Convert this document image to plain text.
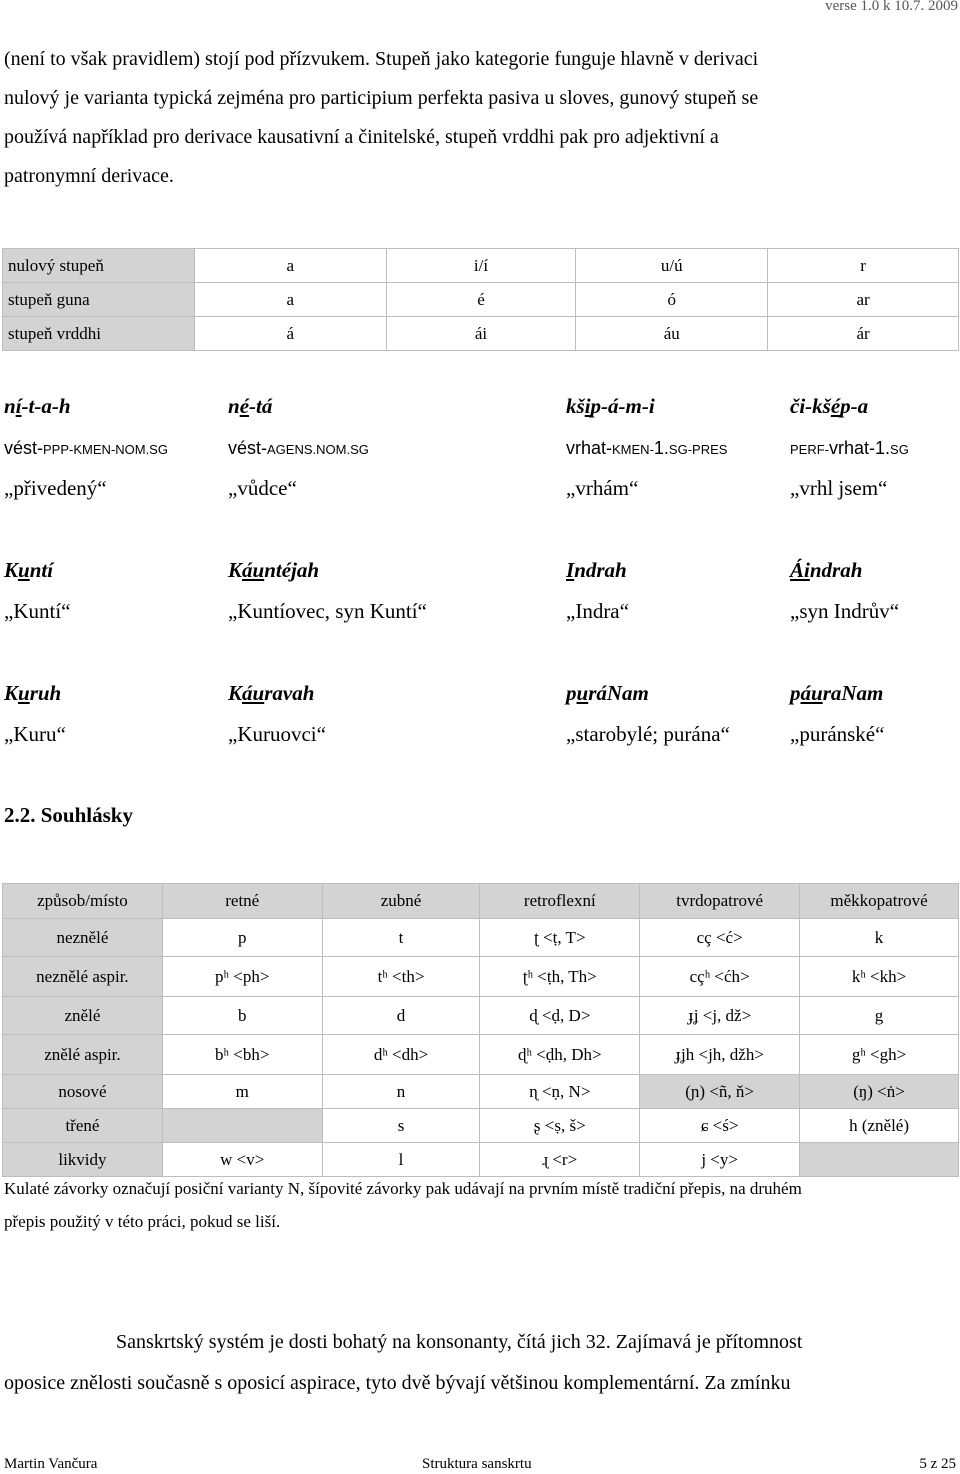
verse 1.0 k 10.7. 2009
(není to však pravidlem) stojí pod přízvukem. Stupeň jako kategorie funguje hlavně v derivaci
nulový je varianta typická zejména pro participium perfekta pasiva u sloves, gunový stupeň se
používá například pro derivace kausativní a činitelské, stupeň vrddhi pak pro adjektivní a
patronymní derivace.
nulový stupeň	a	i/í	u/ú	r
stupeň guna	a	é	ó	ar
stupeň vrddhi	á	ái	áu	ár
ní-t-a-h	né-tá	kšip-á-m-i	či-kšép-a
vést-PPP-KMEN-NOM.SG	vést-AGENS.NOM.SG	vrhat-KMEN-1.SG-PRES	PERF-vrhat-1.SG
„přivedený“	„vůdce“	„vrhám“	„vrhl jsem“
Kuntí	Káuntéjah	Indrah	Áindrah
„Kuntí“	„Kuntíovec, syn Kuntí“	„Indra“	„syn Indrův“
Kuruh	Káuravah	puráNam	páuraNam
„Kuru“	„Kuruovci“	„starobylé; purána“	„puránské“
2.2. Souhlásky
způsob/místo	retné	zubné	retroflexní	tvrdopatrové	měkkopatrové
neznělé	p	t	ʈ <ṭ, T>	cç <ć>	k
neznělé aspir.	pʰ <ph>	tʰ <th>	ʈʰ <ṭh, Th>	cçʰ <ćh>	kʰ <kh>
znělé	b	d	ɖ <ḍ, D>	ɟʝ <j, dž>	g
znělé aspir.	bʰ <bh>	dʰ <dh>	ɖʰ <ḍh, Dh>	ɟʝh <jh, džh>	gʰ <gh>
nosové	m	n	ɳ <ṇ, N>	(ɲ) <ñ, ň>	(ŋ) <ṅ>
třené		s	ʂ <ṣ, š>	ɕ <ś>	h (znělé)
likvidy	w <v>	l	ɻ <r>	j <y>	
Kulaté závorky označují posiční varianty N, šípovité závorky pak udávají na prvním místě tradiční přepis, na druhém
přepis použitý v této práci, pokud se liší.
Sanskrtský systém je dosti bohatý na konsonanty, čítá jich 32. Zajímavá je přítomnost
oposice znělosti současně s oposicí aspirace, tyto dvě bývají většinou komplementární. Za zmínku
Martin Vančura	Struktura sanskrtu	5 z 25
